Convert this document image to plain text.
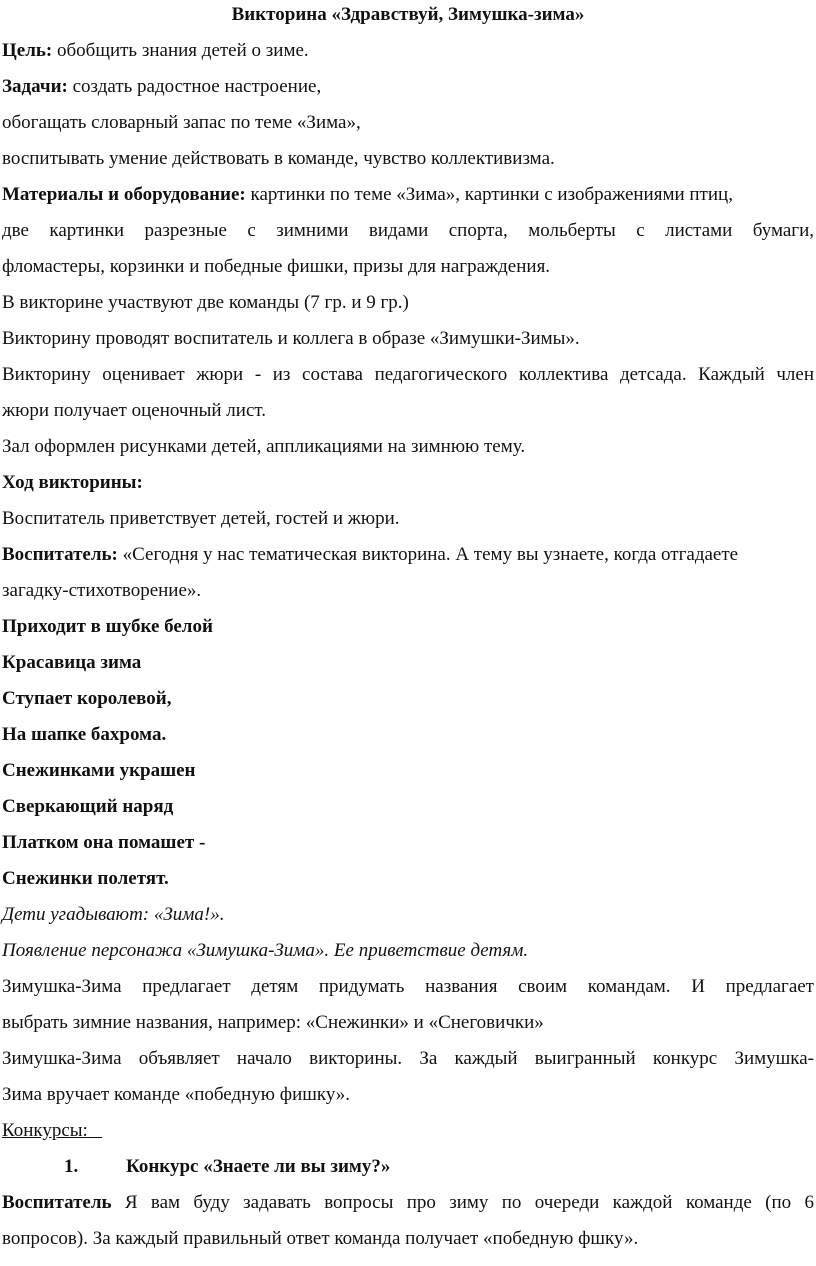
Викторина «Здравствуй, Зимушка-зима»
Цель: обобщить знания детей о зиме.
Задачи: создать радостное настроение,
обогащать словарный запас по теме «Зима»,
воспитывать умение действовать в команде, чувство коллективизма.
Материалы и оборудование: картинки по теме «Зима», картинки с изображениями птиц,
две картинки разрезные с зимними видами спорта, мольберты с листами бумаги,
фломастеры, корзинки и победные фишки, призы для награждения.
В викторине участвуют две команды (7 гр. и 9 гр.)
Викторину проводят воспитатель и коллега в образе «Зимушки-Зимы».
Викторину оценивает жюри - из состава педагогического коллектива детсада. Каждый член
жюри получает оценочный лист.
Зал оформлен рисунками детей, аппликациями на зимнюю тему.
Ход викторины:
Воспитатель приветствует детей, гостей и жюри.
Воспитатель: «Сегодня у нас тематическая викторина. А тему вы узнаете, когда отгадаете
загадку-стихотворение».
Приходит в шубке белой
Красавица зима
Ступает королевой,
На шапке бахрома.
Снежинками украшен
Сверкающий наряд
Платком она помашет -
Снежинки полетят.
Дети угадывают: «Зима!».
Появление персонажа «Зимушка-Зима». Ее приветствие детям.
Зимушка-Зима предлагает детям придумать названия своим командам. И предлагает
выбрать зимние названия, например: «Снежинки» и «Снеговички»
Зимушка-Зима объявляет начало викторины. За каждый выигранный конкурс Зимушка-
Зима вручает команде «победную фишку».
Конкурсы:
1.	Конкурс «Знаете ли вы зиму?»
Воспитатель Я вам буду задавать вопросы про зиму по очереди каждой команде (по 6
вопросов). За каждый правильный ответ команда получает «победную фшку».
